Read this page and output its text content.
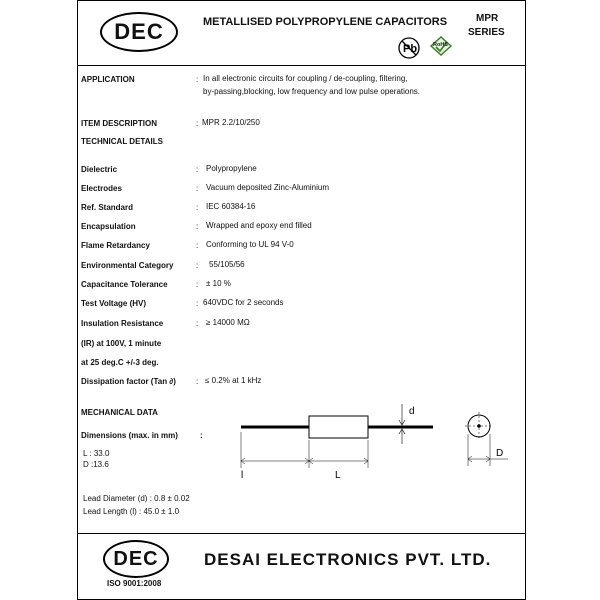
DEC	METALLISED POLYPROPYLENE CAPACITORS	MPR
SERIES
Pb	RoHS
APPLICATION	: In all electronic circuits for coupling / de-coupling, filtering,
by-passing,blocking, low frequency and low pulse operations.
ITEM DESCRIPTION	: MPR 2.2/10/250
TECHNICAL DETAILS
Dielectric	: Polypropylene
Electrodes	: Vacuum deposited Zinc-Aluminium
Ref. Standard	: IEC 60384-16
Encapsulation	: Wrapped and epoxy end filled
Flame Retardancy	: Conforming to UL 94 V-0
Environmental Category	: 55/105/56
Capacitance Tolerance	: ± 10 %
Test Voltage (HV)	: 640VDC for 2 seconds
Insulation Resistance	: ≥ 14000 MΩ
(IR) at 100V, 1 minute
at 25 deg.C +/-3 deg.
Dissipation factor (Tan ∂)	: ≤ 0.2% at 1 kHz
MECHANICAL DATA
Dimensions (max. in mm)	:
L : 33.0
D :13.6
Lead Diameter (d) : 0.8 ± 0.02
Lead Length (l) : 45.0 ± 1.0
d
l	L
D
DEC	DESAI ELECTRONICS PVT. LTD.
ISO 9001:2008
